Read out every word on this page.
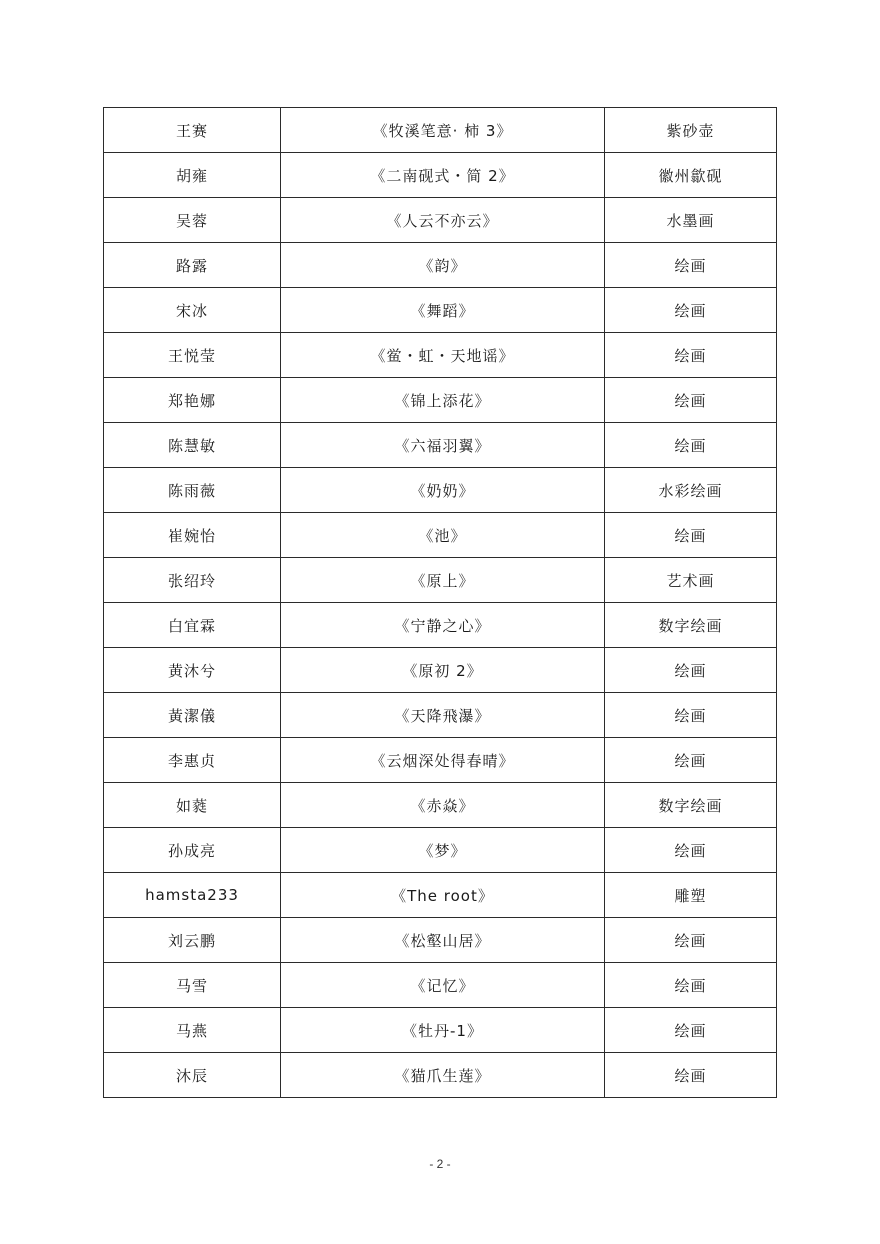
王赛	《牧溪笔意· 柿 3》	紫砂壶
胡雍	《二南砚式・简 2》	徽州歙砚
吴蓉	《人云不亦云》	水墨画
路露	《韵》	绘画
宋冰	《舞蹈》	绘画
王悦莹	《鲎・虹・天地谣》	绘画
郑艳娜	《锦上添花》	绘画
陈慧敏	《六福羽翼》	绘画
陈雨薇	《奶奶》	水彩绘画
崔婉怡	《池》	绘画
张绍玲	《原上》	艺术画
白宜霖	《宁静之心》	数字绘画
黄沐兮	《原初 2》	绘画
黃潔儀	《天降飛瀑》	绘画
李惠贞	《云烟深处得春晴》	绘画
如蕤	《赤焱》	数字绘画
孙成亮	《梦》	绘画
hamsta233	《The root》	雕塑
刘云鹏	《松壑山居》	绘画
马雪	《记忆》	绘画
马燕	《牡丹-1》	绘画
沐辰	《猫爪生莲》	绘画
- 2 -
